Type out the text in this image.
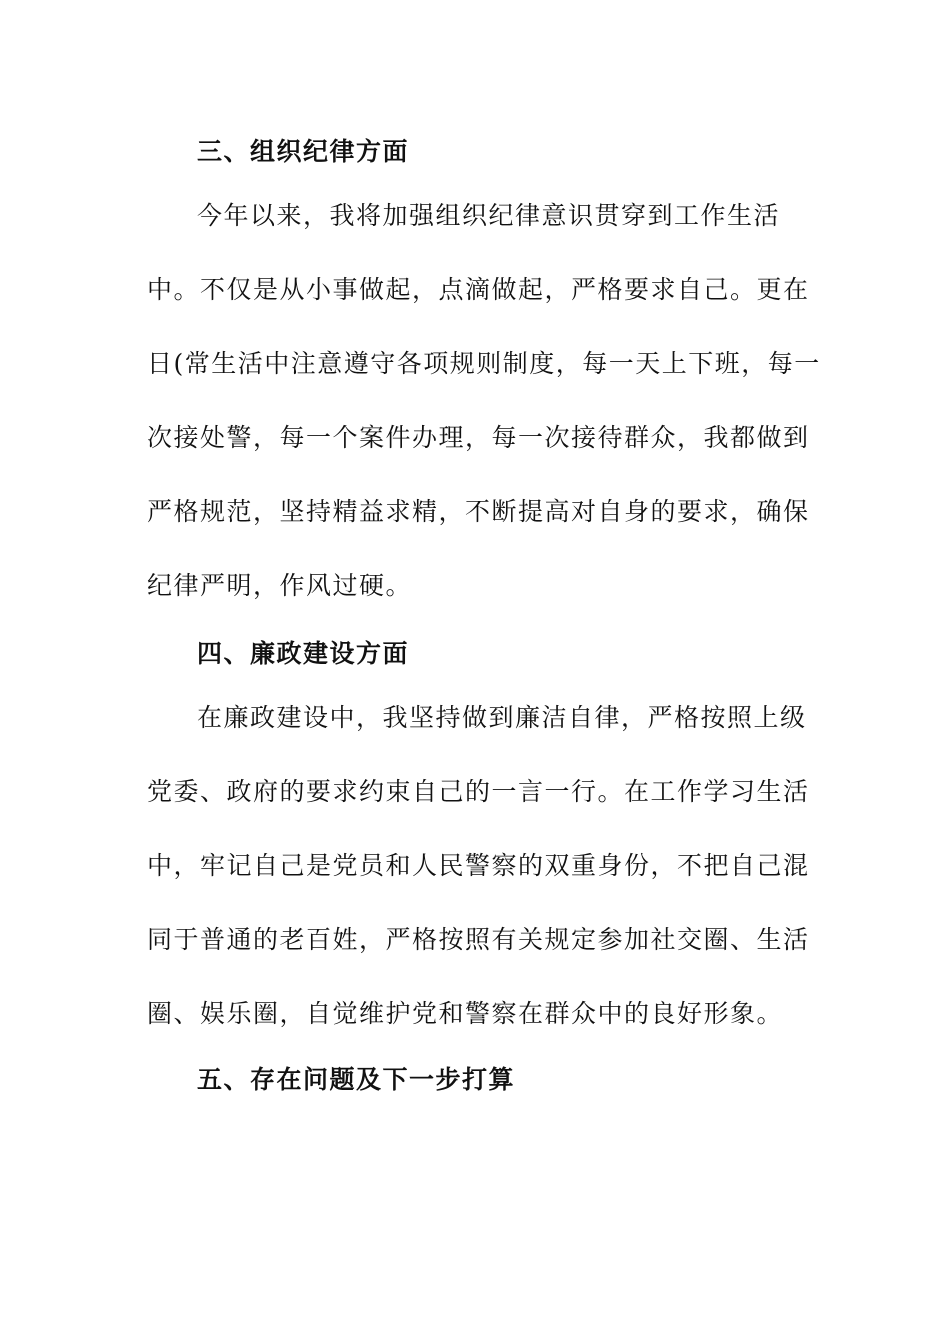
三、组织纪律方面
今年以来，我将加强组织纪律意识贯穿到工作生活
中。不仅是从小事做起，点滴做起，严格要求自己。更在
日(常生活中注意遵守各项规则制度，每一天上下班，每一
次接处警，每一个案件办理，每一次接待群众，我都做到
严格规范，坚持精益求精，不断提高对自身的要求，确保
纪律严明，作风过硬。
四、廉政建设方面
在廉政建设中，我坚持做到廉洁自律，严格按照上级
党委、政府的要求约束自己的一言一行。在工作学习生活
中，牢记自己是党员和人民警察的双重身份，不把自己混
同于普通的老百姓，严格按照有关规定参加社交圈、生活
圈、娱乐圈，自觉维护党和警察在群众中的良好形象。
五、存在问题及下一步打算
